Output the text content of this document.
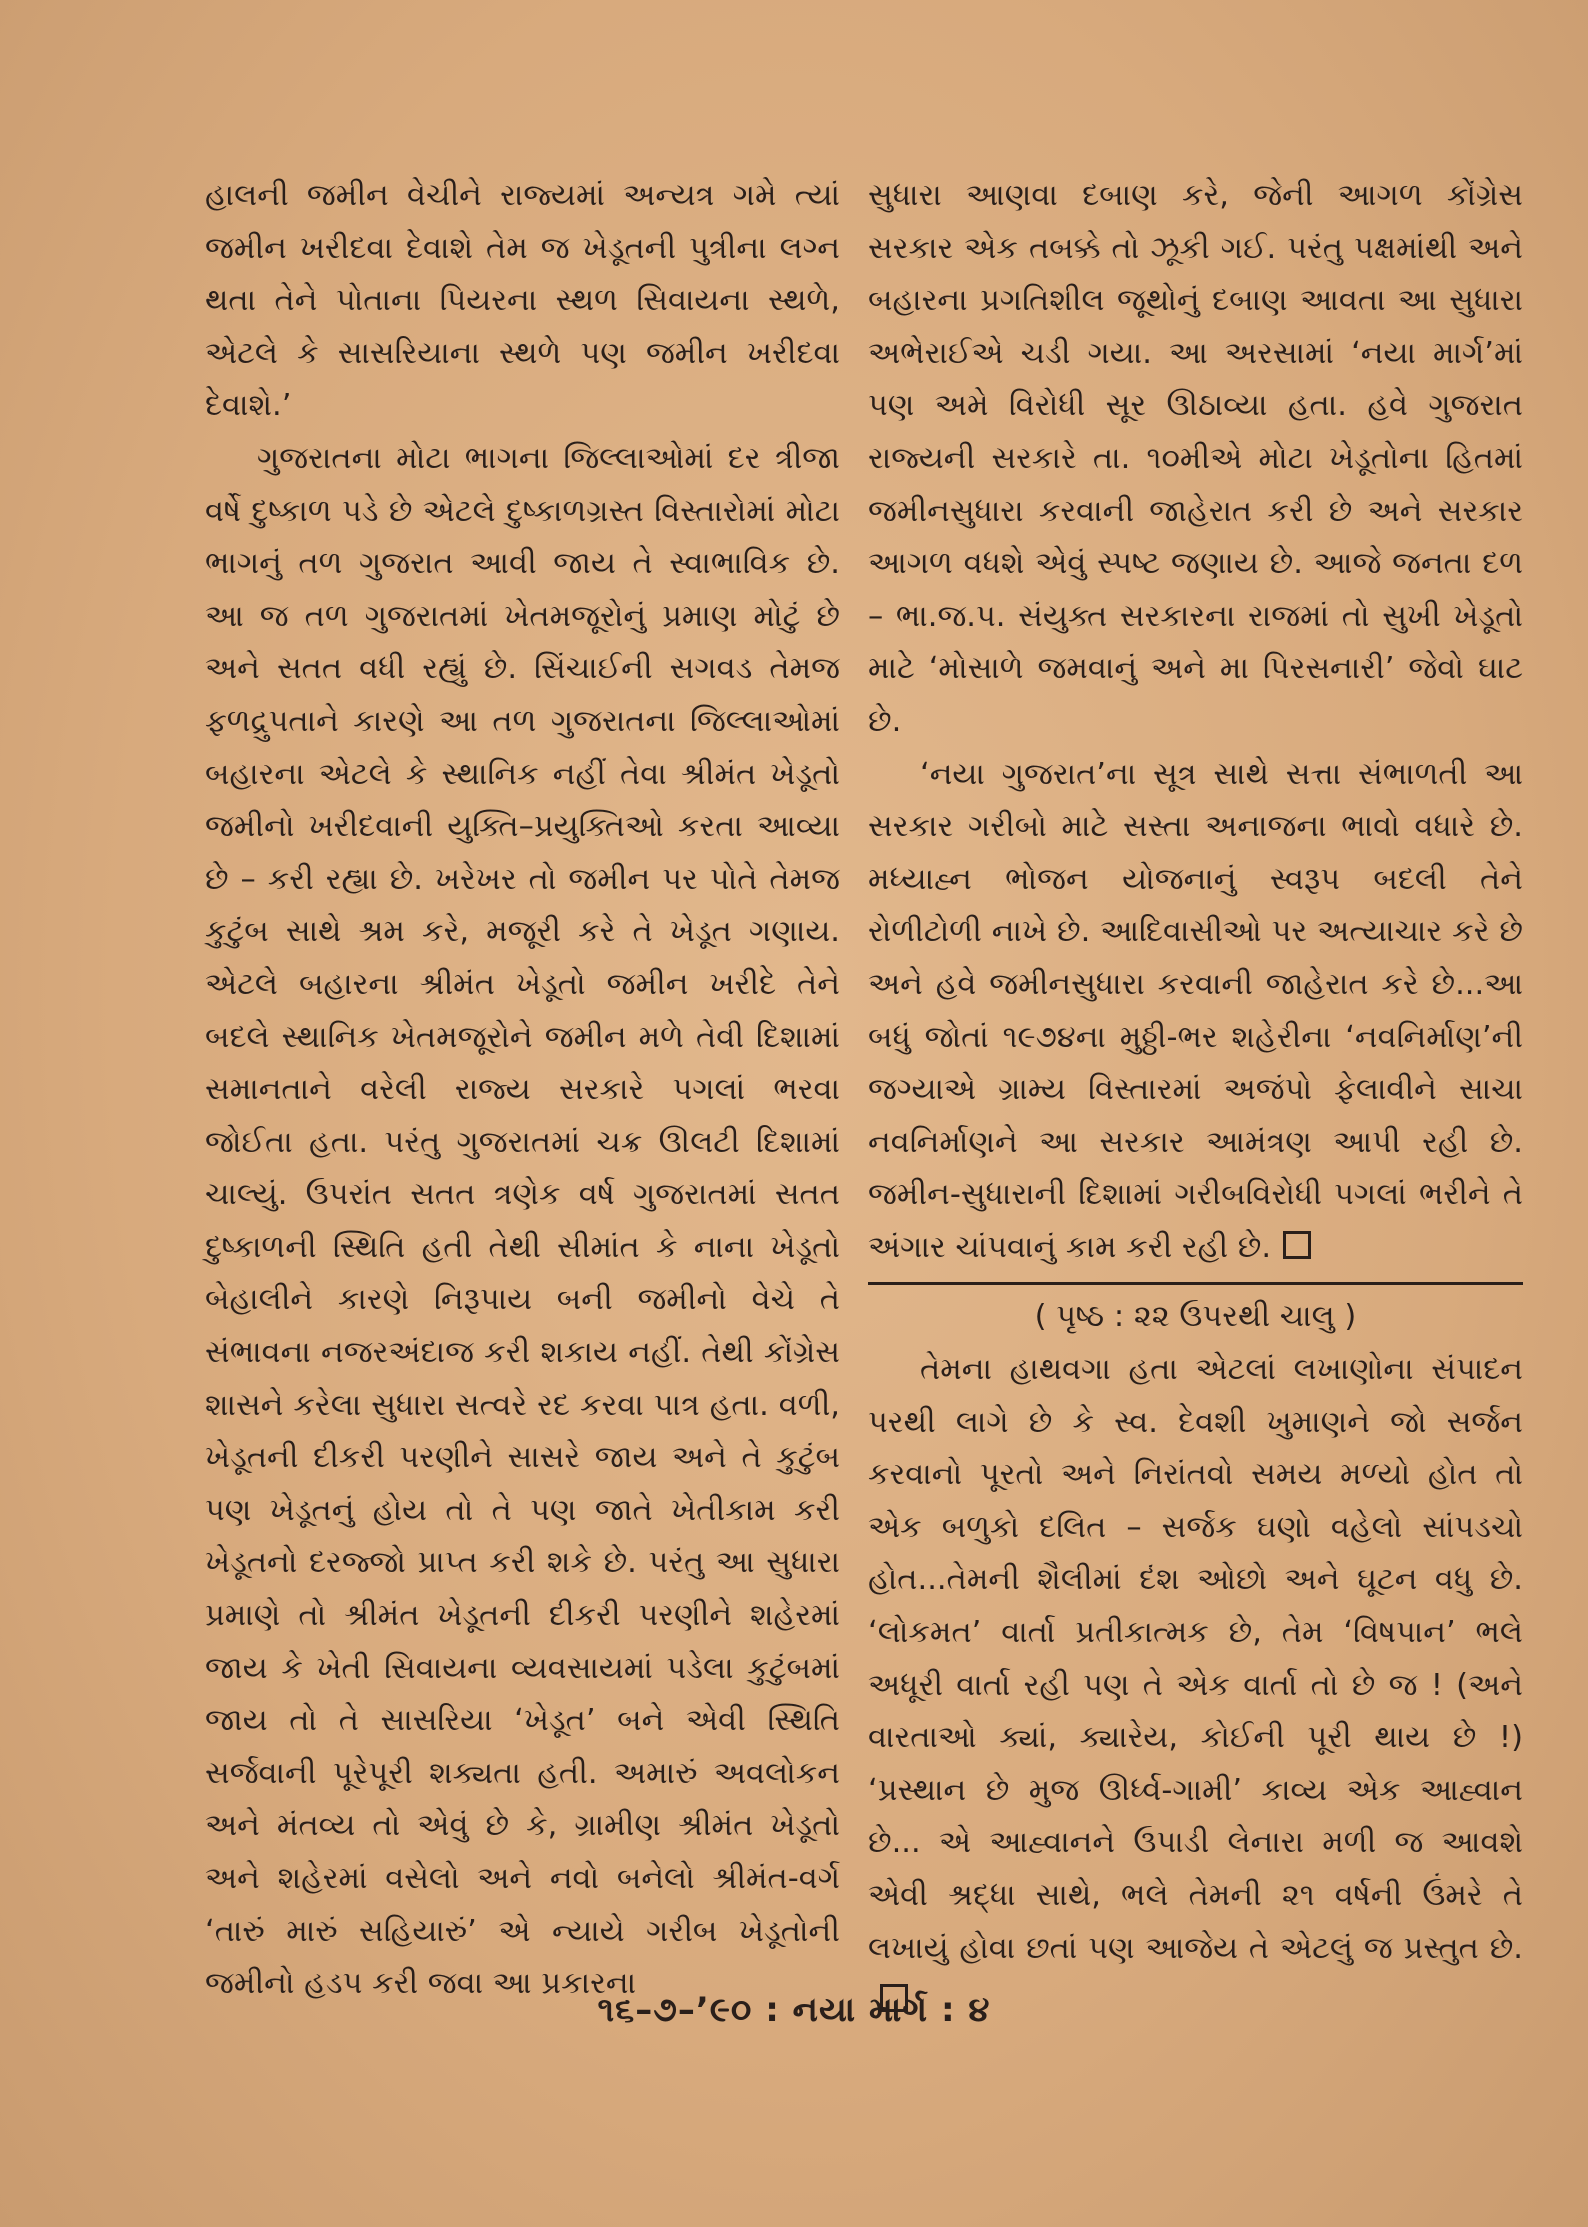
હાલની જમીન વેચીને રાજ્યમાં અન્યત્ર ગમે ત્યાં જમીન ખરીદવા દેવાશે તેમ જ ખેડૂતની પુત્રીના લગ્ન થતા તેને પોતાના પિયરના સ્થળ સિવાયના સ્થળે, એટલે કે સાસરિયાના સ્થળે પણ જમીન ખરીદવા દેવાશે.’

ગુજરાતના મોટા ભાગના જિલ્લાઓમાં દર ત્રીજા વર્ષે દુષ્કાળ પડે છે એટલે દુષ્કાળગ્રસ્ત વિસ્તારોમાં મોટા ભાગનું તળ ગુજરાત આવી જાય તે સ્વાભાવિક છે. આ જ તળ ગુજરાતમાં ખેતમજૂરોનું પ્રમાણ મોટું છે અને સતત વધી રહ્યું છે. સિંચાઈની સગવડ તેમજ ફળદ્રુપતાને કારણે આ તળ ગુજરાતના જિલ્લાઓમાં બહારના એટલે કે સ્થાનિક નહીં તેવા શ્રીમંત ખેડૂતો જમીનો ખરીદવાની યુક્તિ–પ્રયુક્તિઓ કરતા આવ્યા છે – કરી રહ્યા છે. ખરેખર તો જમીન પર પોતે તેમજ કુટુંબ સાથે શ્રમ કરે, મજૂરી કરે તે ખેડૂત ગણાય. એટલે બહારના શ્રીમંત ખેડૂતો જમીન ખરીદે તેને બદલે સ્થાનિક ખેતમજૂરોને જમીન મળે તેવી દિશામાં સમાનતાને વરેલી રાજ્ય સરકારે પગલાં ભરવા જોઈતા હતા. પરંતુ ગુજરાતમાં ચક્ર ઊલટી દિશામાં ચાલ્યું. ઉપરાંત સતત ત્રણેક વર્ષ ગુજરાતમાં સતત દુષ્કાળની સ્થિતિ હતી તેથી સીમાંત કે નાના ખેડૂતો બેહાલીને કારણે નિરૂપાય બની જમીનો વેચે તે સંભાવના નજરઅંદાજ કરી શકાય નહીં. તેથી કોંગ્રેસ શાસને કરેલા સુધારા સત્વરે રદ કરવા પાત્ર હતા. વળી, ખેડૂતની દીકરી પરણીને સાસરે જાય અને તે કુટુંબ પણ ખેડૂતનું હોય તો તે પણ જાતે ખેતીકામ કરી ખેડૂતનો દરજ્જો પ્રાપ્ત કરી શકે છે. પરંતુ આ સુધારા પ્રમાણે તો શ્રીમંત ખેડૂતની દીકરી પરણીને શહેરમાં જાય કે ખેતી સિવાયના વ્યવસાયમાં પડેલા કુટુંબમાં જાય તો તે સાસરિયા ‘ખેડૂત’ બને એવી સ્થિતિ સર્જવાની પૂરેપૂરી શક્યતા હતી. અમારું અવલોકન અને મંતવ્ય તો એવું છે કે, ગ્રામીણ શ્રીમંત ખેડૂતો અને શહેરમાં વસેલો અને નવો બનેલો શ્રીમંત-વર્ગ ‘તારું મારું સહિયારું’ એ ન્યાયે ગરીબ ખેડૂતોની જમીનો હડપ કરી જવા આ પ્રકારના

સુધારા આણવા દબાણ કરે, જેની આગળ કોંગ્રેસ સરકાર એક તબક્કે તો ઝૂકી ગઈ. પરંતુ પક્ષમાંથી અને બહારના પ્રગતિશીલ જૂથોનું દબાણ આવતા આ સુધારા અભેરાઈએ ચડી ગયા. આ અરસામાં ‘નયા માર્ગ’માં પણ અમે વિરોધી સૂર ઊઠાવ્યા હતા. હવે ગુજરાત રાજ્યની સરકારે તા. ૧૦મીએ મોટા ખેડૂતોના હિતમાં જમીનસુધારા કરવાની જાહેરાત કરી છે અને સરકાર આગળ વધશે એવું સ્પષ્ટ જણાય છે. આજે જનતા દળ – ભા.જ.પ. સંયુક્ત સરકારના રાજમાં તો સુખી ખેડૂતો માટે ‘મોસાળે જમવાનું અને મા પિરસનારી’ જેવો ઘાટ છે.

‘નયા ગુજરાત’ના સૂત્ર સાથે સત્તા સંભાળતી આ સરકાર ગરીબો માટે સસ્તા અનાજના ભાવો વધારે છે. મધ્યાહ્ન ભોજન યોજનાનું સ્વરૂપ બદલી તેને રોળીટોળી નાખે છે. આદિવાસીઓ પર અત્યાચાર કરે છે અને હવે જમીનસુધારા કરવાની જાહેરાત કરે છે...આ બધું જોતાં ૧૯૭૪ના મુઠ્ઠી-ભર શહેરીના ‘નવનિર્માણ’ની જગ્યાએ ગ્રામ્ય વિસ્તારમાં અજંપો ફેલાવીને સાચા નવનિર્માણને આ સરકાર આમંત્રણ આપી રહી છે. જમીન-સુધારાની દિશામાં ગરીબવિરોધી પગલાં ભરીને તે અંગાર ચાંપવાનું કામ કરી રહી છે.

( પૃષ્ઠ : ૨૨ ઉપરથી ચાલુ )

તેમના હાથવગા હતા એટલાં લખાણોના સંપાદન પરથી લાગે છે કે સ્વ. દેવશી ખુમાણને જો સર્જન કરવાનો પૂરતો અને નિરાંતવો સમય મળ્યો હોત તો એક બળુકો દલિત – સર્જક ઘણો વહેલો સાંપડચો હોત...તેમની શૈલીમાં દંશ ઓછો અને ઘૂટન વધુ છે. ‘લોકમત’ વાર્તા પ્રતીકાત્મક છે, તેમ ‘વિષપાન’ ભલે અધૂરી વાર્તા રહી પણ તે એક વાર્તા તો છે જ ! (અને વારતાઓ ક્યાં, ક્યારેય, કોઈની પૂરી થાય છે !) ‘પ્રસ્થાન છે મુજ ઊર્ધ્વ-ગામી’ કાવ્ય એક આહ્વાન છે... એ આહ્વાનને ઉપાડી લેનારા મળી જ આવશે એવી શ્રદ્ધા સાથે, ભલે તેમની ૨૧ વર્ષની ઉંમરે તે લખાયું હોવા છતાં પણ આજેય તે એટલું જ પ્રસ્તુત છે.

૧૬–૭–’૯૦ : નયા માર્ગ : ૪
